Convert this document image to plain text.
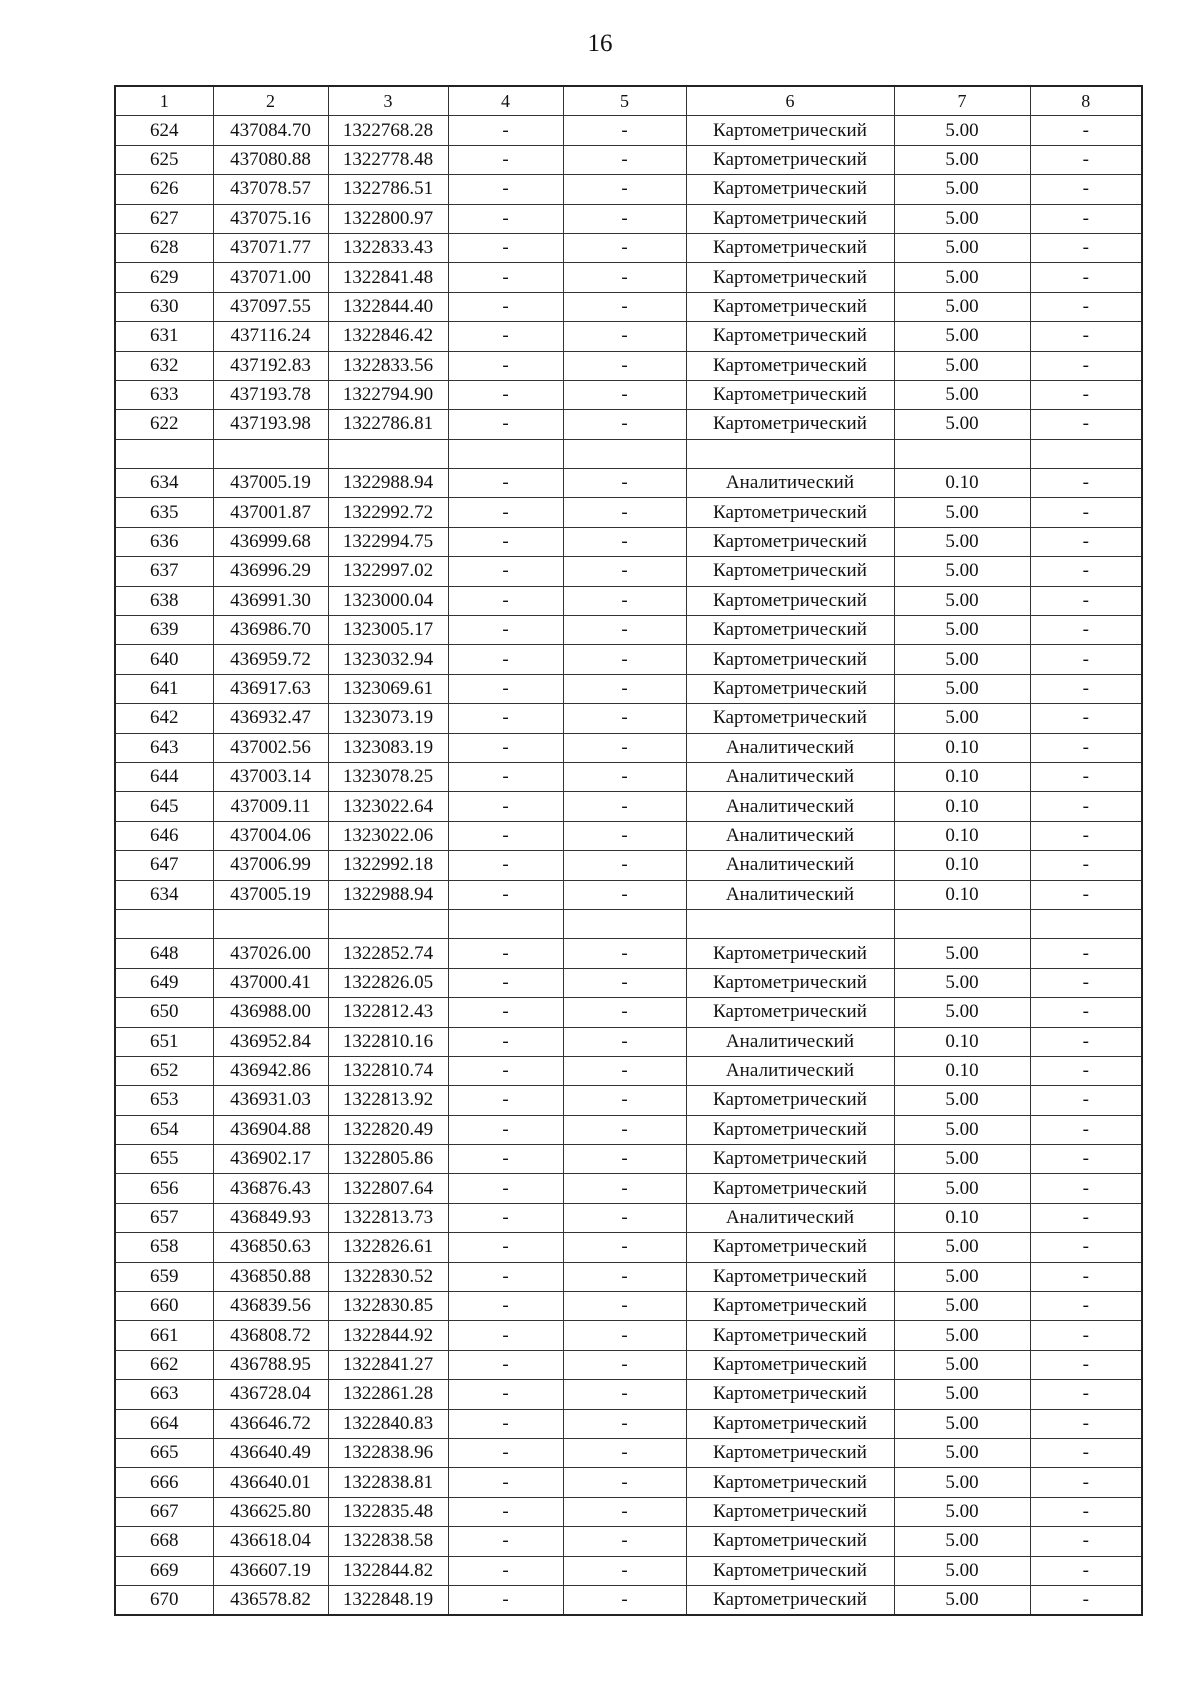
16
1	2	3	4	5	6	7	8
624	437084.70	1322768.28	-	-	Картометрический	5.00	-
625	437080.88	1322778.48	-	-	Картометрический	5.00	-
626	437078.57	1322786.51	-	-	Картометрический	5.00	-
627	437075.16	1322800.97	-	-	Картометрический	5.00	-
628	437071.77	1322833.43	-	-	Картометрический	5.00	-
629	437071.00	1322841.48	-	-	Картометрический	5.00	-
630	437097.55	1322844.40	-	-	Картометрический	5.00	-
631	437116.24	1322846.42	-	-	Картометрический	5.00	-
632	437192.83	1322833.56	-	-	Картометрический	5.00	-
633	437193.78	1322794.90	-	-	Картометрический	5.00	-
622	437193.98	1322786.81	-	-	Картометрический	5.00	-

634	437005.19	1322988.94	-	-	Аналитический	0.10	-
635	437001.87	1322992.72	-	-	Картометрический	5.00	-
636	436999.68	1322994.75	-	-	Картометрический	5.00	-
637	436996.29	1322997.02	-	-	Картометрический	5.00	-
638	436991.30	1323000.04	-	-	Картометрический	5.00	-
639	436986.70	1323005.17	-	-	Картометрический	5.00	-
640	436959.72	1323032.94	-	-	Картометрический	5.00	-
641	436917.63	1323069.61	-	-	Картометрический	5.00	-
642	436932.47	1323073.19	-	-	Картометрический	5.00	-
643	437002.56	1323083.19	-	-	Аналитический	0.10	-
644	437003.14	1323078.25	-	-	Аналитический	0.10	-
645	437009.11	1323022.64	-	-	Аналитический	0.10	-
646	437004.06	1323022.06	-	-	Аналитический	0.10	-
647	437006.99	1322992.18	-	-	Аналитический	0.10	-
634	437005.19	1322988.94	-	-	Аналитический	0.10	-

648	437026.00	1322852.74	-	-	Картометрический	5.00	-
649	437000.41	1322826.05	-	-	Картометрический	5.00	-
650	436988.00	1322812.43	-	-	Картометрический	5.00	-
651	436952.84	1322810.16	-	-	Аналитический	0.10	-
652	436942.86	1322810.74	-	-	Аналитический	0.10	-
653	436931.03	1322813.92	-	-	Картометрический	5.00	-
654	436904.88	1322820.49	-	-	Картометрический	5.00	-
655	436902.17	1322805.86	-	-	Картометрический	5.00	-
656	436876.43	1322807.64	-	-	Картометрический	5.00	-
657	436849.93	1322813.73	-	-	Аналитический	0.10	-
658	436850.63	1322826.61	-	-	Картометрический	5.00	-
659	436850.88	1322830.52	-	-	Картометрический	5.00	-
660	436839.56	1322830.85	-	-	Картометрический	5.00	-
661	436808.72	1322844.92	-	-	Картометрический	5.00	-
662	436788.95	1322841.27	-	-	Картометрический	5.00	-
663	436728.04	1322861.28	-	-	Картометрический	5.00	-
664	436646.72	1322840.83	-	-	Картометрический	5.00	-
665	436640.49	1322838.96	-	-	Картометрический	5.00	-
666	436640.01	1322838.81	-	-	Картометрический	5.00	-
667	436625.80	1322835.48	-	-	Картометрический	5.00	-
668	436618.04	1322838.58	-	-	Картометрический	5.00	-
669	436607.19	1322844.82	-	-	Картометрический	5.00	-
670	436578.82	1322848.19	-	-	Картометрический	5.00	-
